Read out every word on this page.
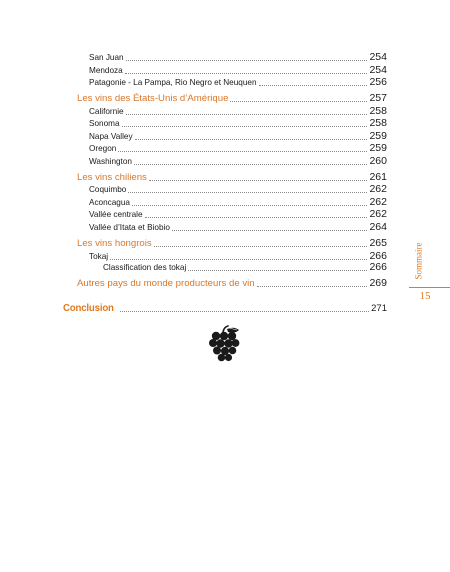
San Juan	254
Mendoza	254
Patagonie - La Pampa, Rio Negro et Neuquen	256
Les vins des États-Unis d’Amérique	257
Californie	258
Sonoma	258
Napa Valley	259
Oregon	259
Washington	260
Les vins chiliens	261
Coquimbo	262
Aconcagua	262
Vallée centrale	262
Vallée d’Itata et Biobio	264
Les vins hongrois	265
Tokaj	266
Classification des tokaj	266
Autres pays du monde producteurs de vin	269
Conclusion	271
Sommaire
15
